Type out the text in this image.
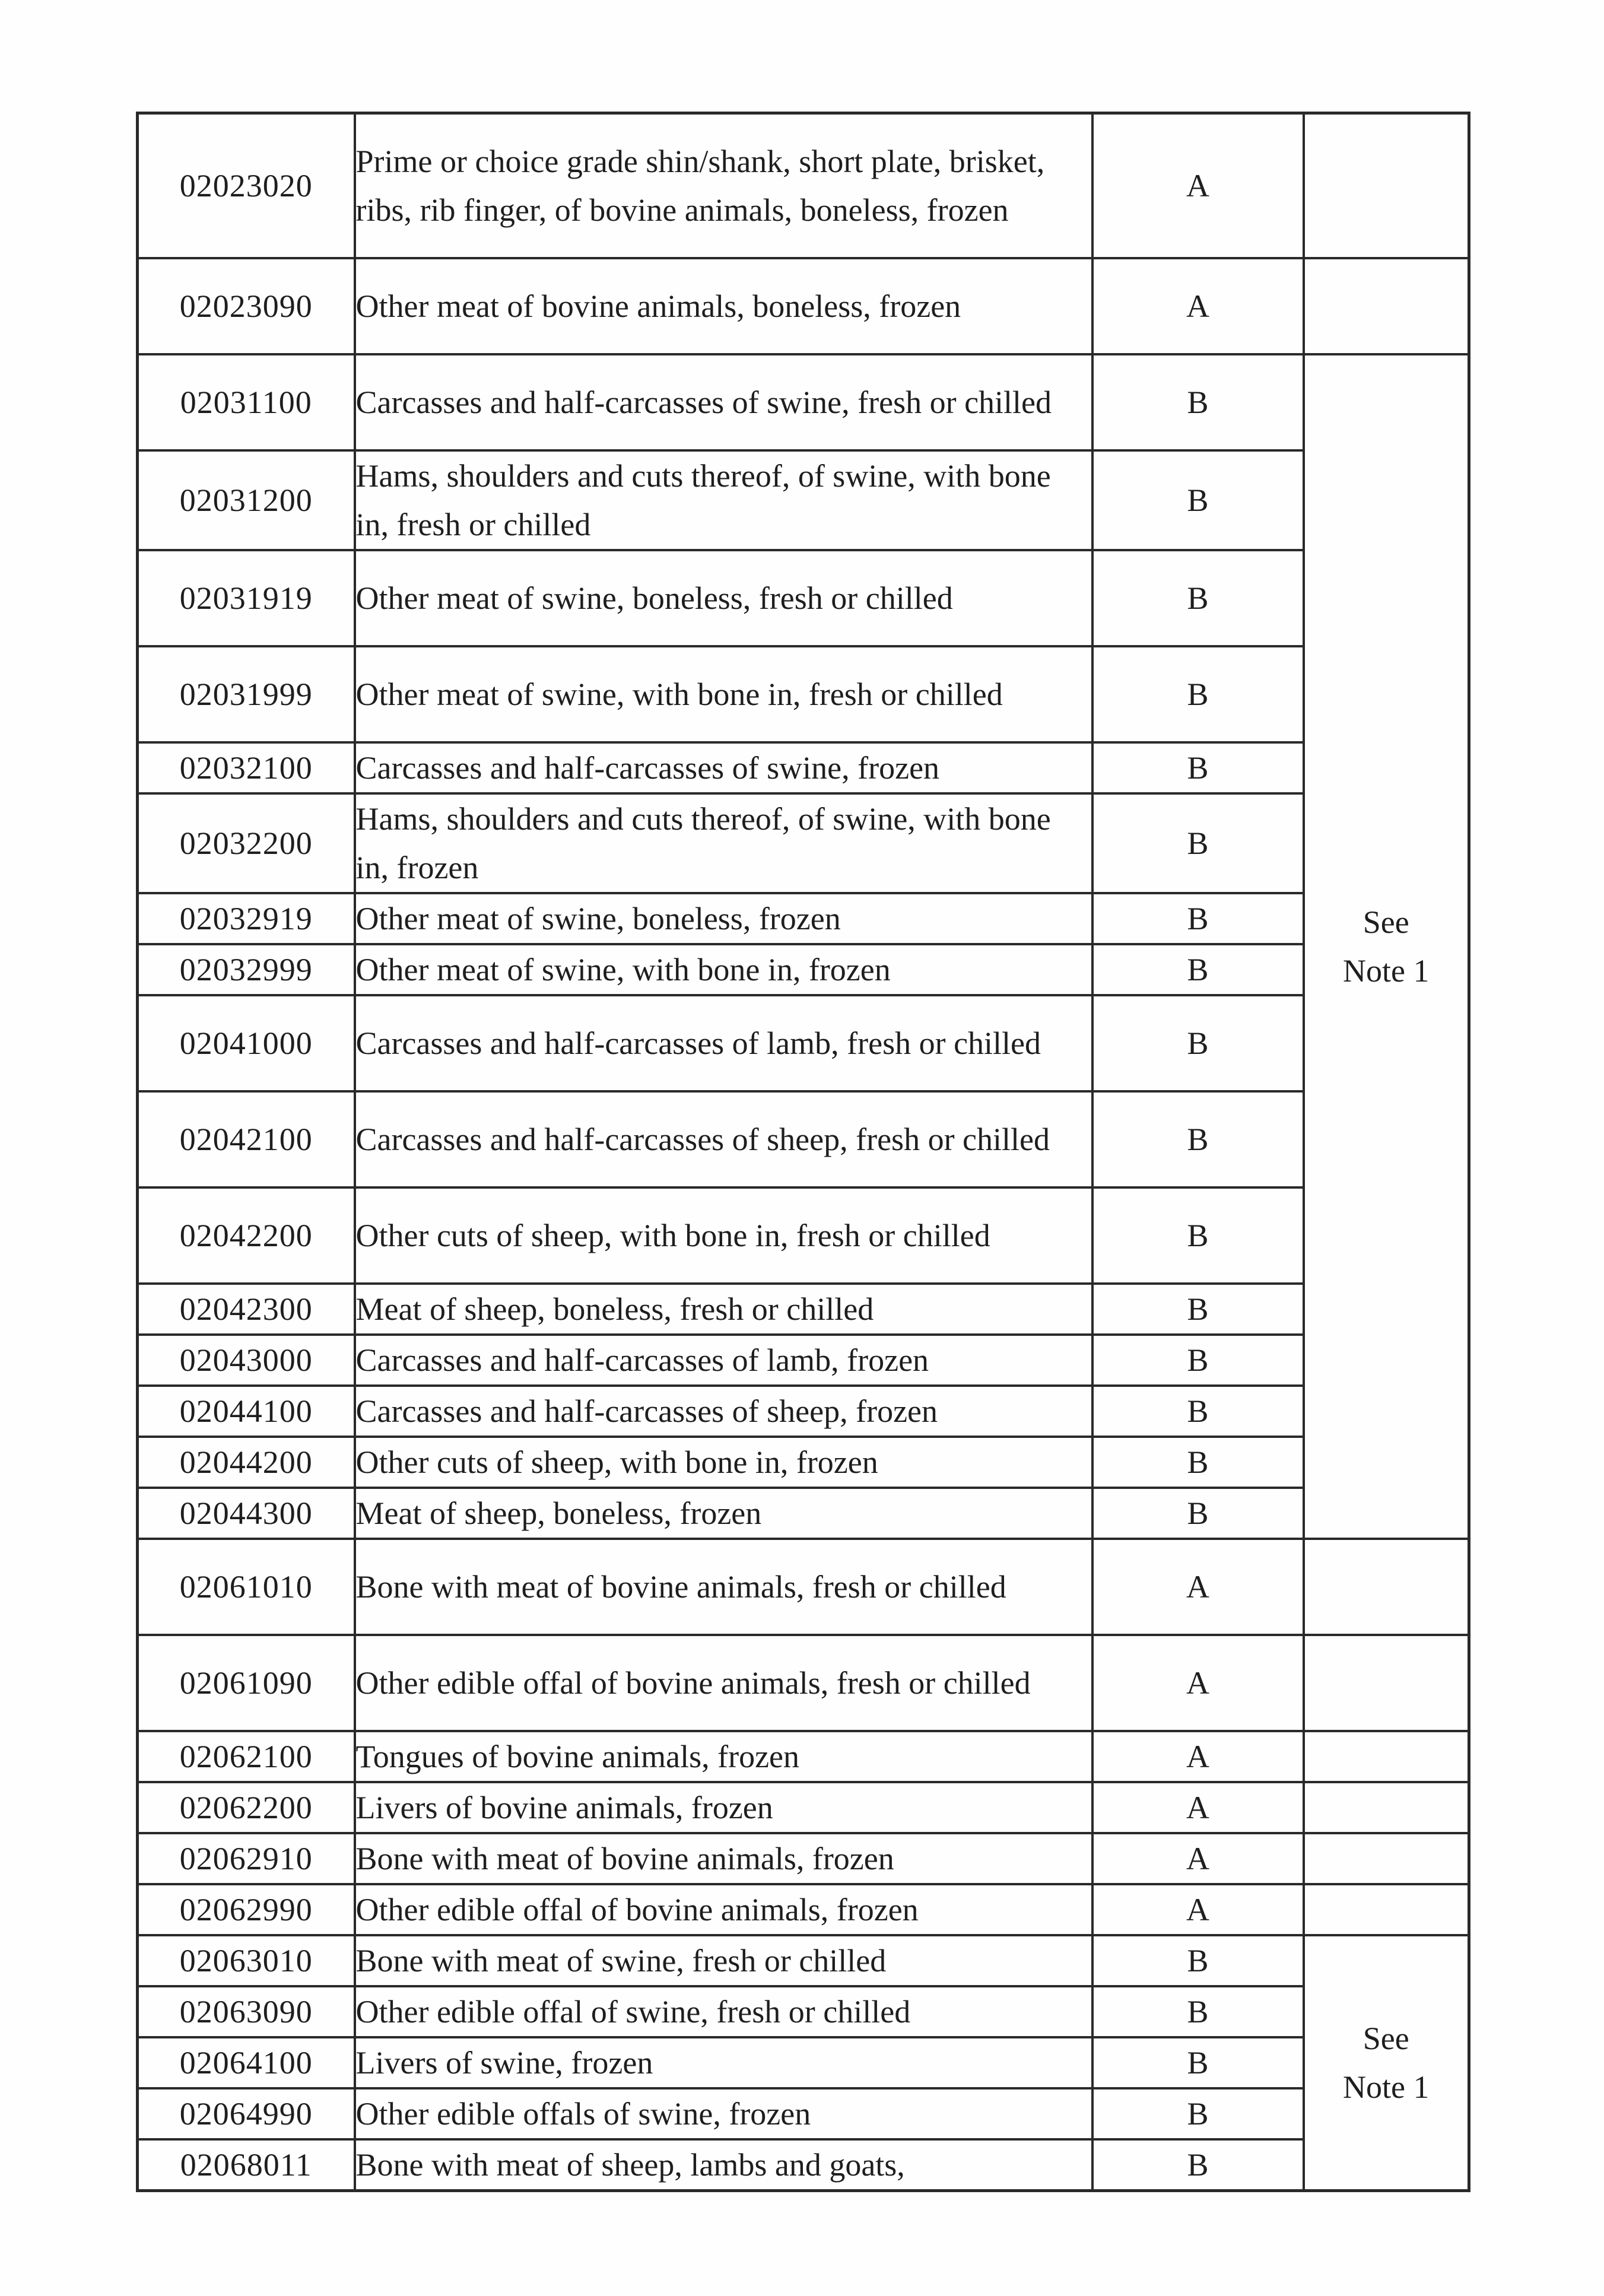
02023020	Prime or choice grade shin/shank, short plate, brisket, ribs, rib finger, of bovine animals, boneless, frozen	A	
02023090	Other meat of bovine animals, boneless, frozen	A	
02031100	Carcasses and half-carcasses of swine, fresh or chilled	B	See
Note 1
02031200	Hams, shoulders and cuts thereof, of swine, with bone in, fresh or chilled	B	
02031919	Other meat of swine, boneless, fresh or chilled	B	
02031999	Other meat of swine, with bone in, fresh or chilled	B	
02032100	Carcasses and half-carcasses of swine, frozen	B	
02032200	Hams, shoulders and cuts thereof, of swine, with bone in, frozen	B	
02032919	Other meat of swine, boneless, frozen	B	
02032999	Other meat of swine, with bone in, frozen	B	
02041000	Carcasses and half-carcasses of lamb, fresh or chilled	B	
02042100	Carcasses and half-carcasses of sheep, fresh or chilled	B	
02042200	Other cuts of sheep, with bone in, fresh or chilled	B	
02042300	Meat of sheep, boneless, fresh or chilled	B	
02043000	Carcasses and half-carcasses of lamb, frozen	B	
02044100	Carcasses and half-carcasses of sheep, frozen	B	
02044200	Other cuts of sheep, with bone in, frozen	B	
02044300	Meat of sheep, boneless, frozen	B	
02061010	Bone with meat of bovine animals, fresh or chilled	A	
02061090	Other edible offal of bovine animals, fresh or chilled	A	
02062100	Tongues of bovine animals, frozen	A	
02062200	Livers of bovine animals, frozen	A	
02062910	Bone with meat of bovine animals, frozen	A	
02062990	Other edible offal of bovine animals, frozen	A	
02063010	Bone with meat of swine, fresh or chilled	B	See
Note 1
02063090	Other edible offal of swine, fresh or chilled	B	
02064100	Livers of swine, frozen	B	
02064990	Other edible offals of swine, frozen	B	
02068011	Bone with meat of sheep, lambs and goats,	B	
